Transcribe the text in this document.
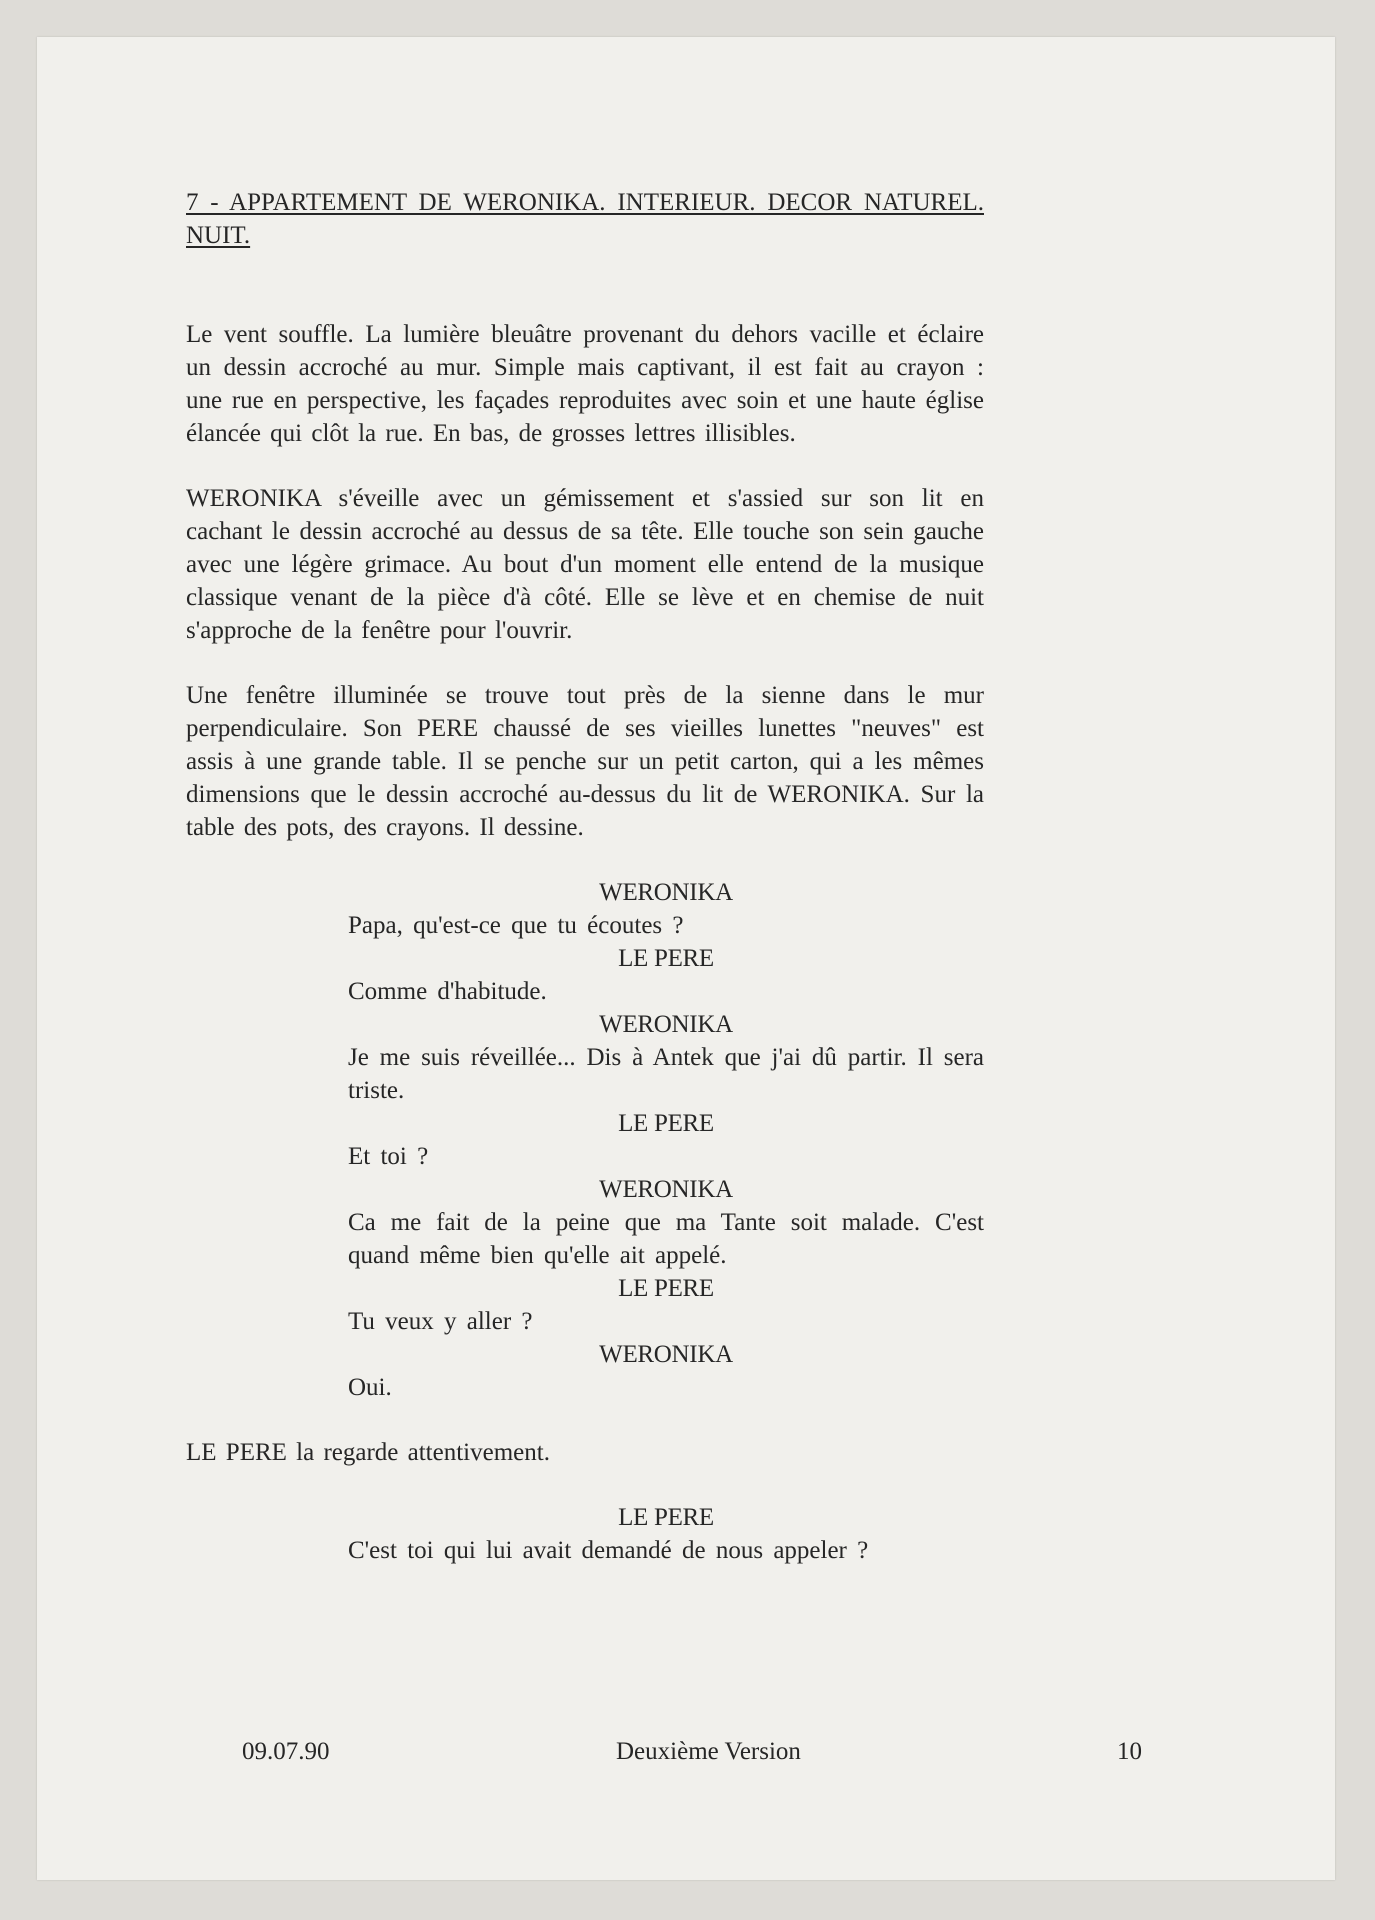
7 - APPARTEMENT DE WERONIKA. INTERIEUR. DECOR NATUREL. NUIT.

Le vent souffle. La lumière bleuâtre provenant du dehors vacille et éclaire un dessin accroché au mur. Simple mais captivant, il est fait au crayon : une rue en perspective, les façades reproduites avec soin et une haute église élancée qui clôt la rue. En bas, de grosses lettres illisibles.

WERONIKA s'éveille avec un gémissement et s'assied sur son lit en cachant le dessin accroché au dessus de sa tête. Elle touche son sein gauche avec une légère grimace. Au bout d'un moment elle entend de la musique classique venant de la pièce d'à côté. Elle se lève et en chemise de nuit s'approche de la fenêtre pour l'ouvrir.

Une fenêtre illuminée se trouve tout près de la sienne dans le mur perpendiculaire. Son PERE chaussé de ses vieilles lunettes "neuves" est assis à une grande table. Il se penche sur un petit carton, qui a les mêmes dimensions que le dessin accroché au-dessus du lit de WERONIKA. Sur la table des pots, des crayons. Il dessine.

WERONIKA

Papa, qu'est-ce que tu écoutes ?

LE PERE

Comme d'habitude.

WERONIKA

Je me suis réveillée... Dis à Antek que j'ai dû partir. Il sera triste.

LE PERE

Et toi ?

WERONIKA

Ca me fait de la peine que ma Tante soit malade. C'est quand même bien qu'elle ait appelé.

LE PERE

Tu veux y aller ?

WERONIKA

Oui.

LE PERE la regarde attentivement.

LE PERE

C'est toi qui lui avait demandé de nous appeler ?

09.07.90	Deuxième Version	10
